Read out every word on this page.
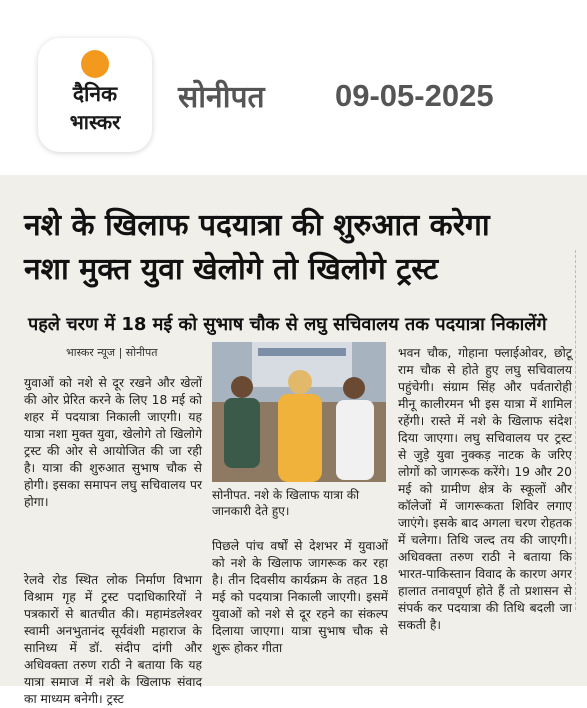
दैनिक
भास्कर
सोनीपत 09-05-2025
नशे के खिलाफ पदयात्रा की शुरुआत करेगा
नशा मुक्त युवा खेलोगे तो खिलोगे ट्रस्ट
पहले चरण में 18 मई को सुभाष चौक से लघु सचिवालय तक पदयात्रा निकालेंगे
भास्कर न्यूज | सोनीपत

युवाओं को नशे से दूर रखने और खेलों की ओर प्रेरित करने के लिए 18 मई को शहर में पदयात्रा निकाली जाएगी। यह यात्रा नशा मुक्त युवा, खेलोगे तो खिलोगे ट्रस्ट की ओर से आयोजित की जा रही है। यात्रा की शुरुआत सुभाष चौक से होगी। इसका समापन लघु सचिवालय पर होगा।

रेलवे रोड स्थित लोक निर्माण विभाग विश्राम गृह में ट्रस्ट पदाधिकारियों ने पत्रकारों से बातचीत की। महामंडलेश्वर स्वामी अनभुतानंद सूर्यवंशी महाराज के सानिध्य में डॉ. संदीप दांगी और अधिवक्ता तरुण राठी ने बताया कि यह यात्रा समाज में नशे के खिलाफ संवाद का माध्यम बनेगी। ट्रस्ट

सोनीपत. नशे के खिलाफ यात्रा की जानकारी देते हुए।

पिछले पांच वर्षों से देशभर में युवाओं को नशे के खिलाफ जागरूक कर रहा है। तीन दिवसीय कार्यक्रम के तहत 18 मई को पदयात्रा निकाली जाएगी। इसमें युवाओं को नशे से दूर रहने का संकल्प दिलाया जाएगा। यात्रा सुभाष चौक से शुरू होकर गीता

भवन चौक, गोहाना फ्लाईओवर, छोटू राम चौक से होते हुए लघु सचिवालय पहुंचेगी। संग्राम सिंह और पर्वतारोही मीनू कालीरमन भी इस यात्रा में शामिल रहेंगी। रास्ते में नशे के खिलाफ संदेश दिया जाएगा। लघु सचिवालय पर ट्रस्ट से जुड़े युवा नुक्कड़ नाटक के जरिए लोगों को जागरूक करेंगे। 19 और 20 मई को ग्रामीण क्षेत्र के स्कूलों और कॉलेजों में जागरूकता शिविर लगाए जाएंगे। इसके बाद अगला चरण रोहतक में चलेगा। तिथि जल्द तय की जाएगी। अधिवक्ता तरुण राठी ने बताया कि भारत-पाकिस्तान विवाद के कारण अगर हालात तनावपूर्ण होते हैं तो प्रशासन से संपर्क कर पदयात्रा की तिथि बदली जा सकती है।
